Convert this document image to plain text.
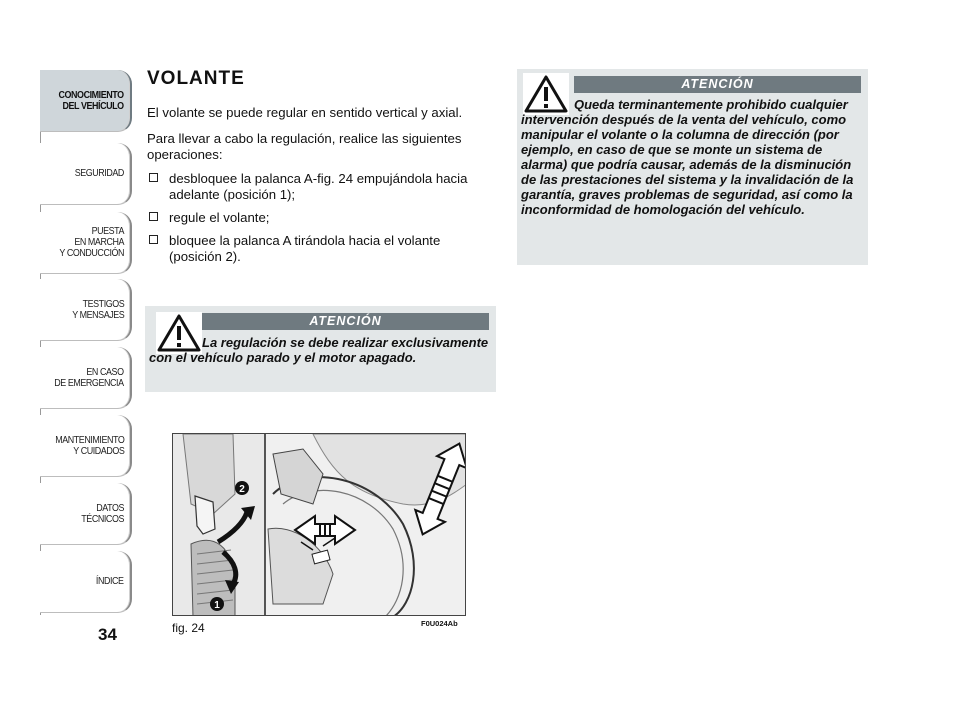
CONOCIMIENTO
DEL VEHÍCULO
SEGURIDAD
PUESTA
EN MARCHA
Y CONDUCCIÓN
TESTIGOS
Y MENSAJES
EN CASO
DE EMERGENCIA
MANTENIMIENTO
Y CUIDADOS
DATOS TÉCNICOS
ÍNDICE
34
VOLANTE
El volante se puede regular en sentido vertical y axial.
Para llevar a cabo la regulación, realice las siguientes operaciones:
desbloquee la palanca A-fig. 24 empujándola hacia adelante (posición 1);
regule el volante;
bloquee la palanca A tirándola hacia el volante (posición 2).
ATENCIÓN
La regulación se debe realizar exclusivamente con el vehículo parado y el motor apagado.
ATENCIÓN
Queda terminantemente prohibido cualquier intervención después de la venta del vehículo, como manipular el volante o la columna de dirección (por ejemplo, en caso de que se monte un sistema de alarma) que podría causar, además de la disminución de las prestaciones del sistema y la invalidación de la garantía, graves problemas de seguridad, así como la inconformidad de homologación del vehículo.
2
1
fig. 24	F0U024Ab
